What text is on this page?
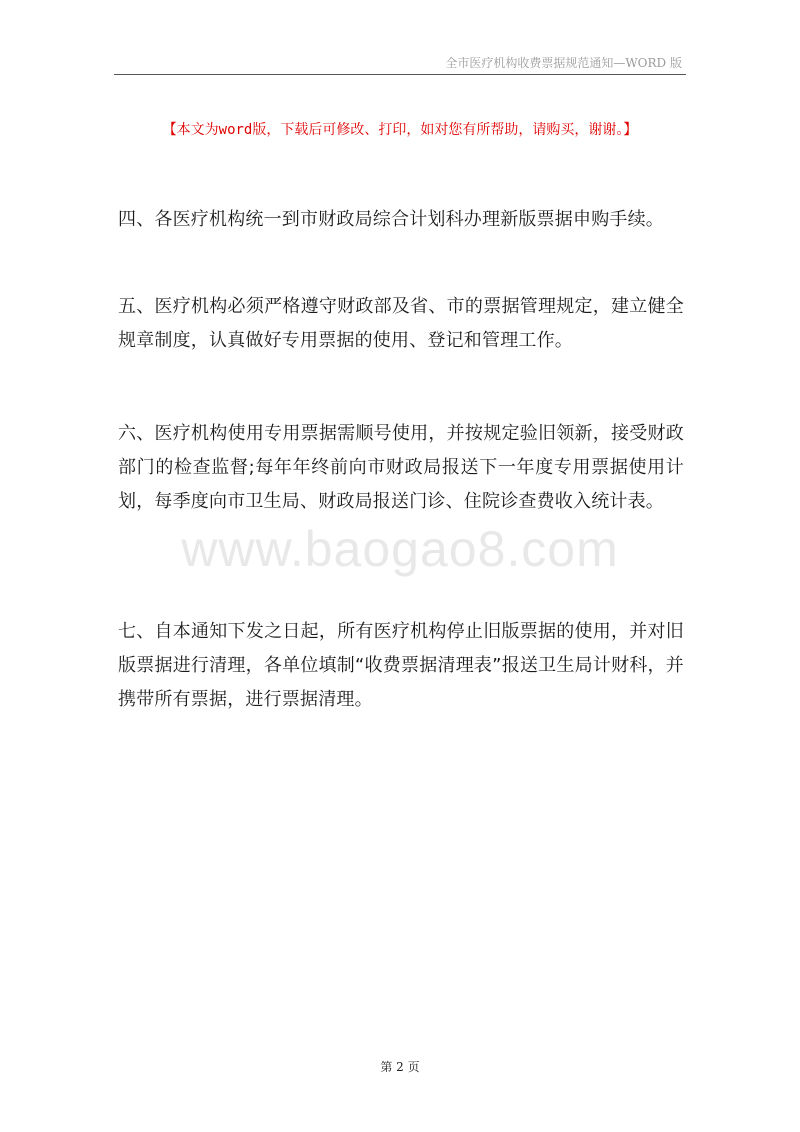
全市医疗机构收费票据规范通知—WORD 版
【本文为word版，下载后可修改、打印，如对您有所帮助，请购买，谢谢。】

四、各医疗机构统一到市财政局综合计划科办理新版票据申购手续。

五、医疗机构必须严格遵守财政部及省、市的票据管理规定，建立健全规章制度，认真做好专用票据的使用、登记和管理工作。

六、医疗机构使用专用票据需顺号使用，并按规定验旧领新，接受财政部门的检查监督;每年年终前向市财政局报送下一年度专用票据使用计划，每季度向市卫生局、财政局报送门诊、住院诊查费收入统计表。

七、自本通知下发之日起，所有医疗机构停止旧版票据的使用，并对旧版票据进行清理，各单位填制“收费票据清理表”报送卫生局计财科，并携带所有票据，进行票据清理。

www.baogao8.com
第 2 页
